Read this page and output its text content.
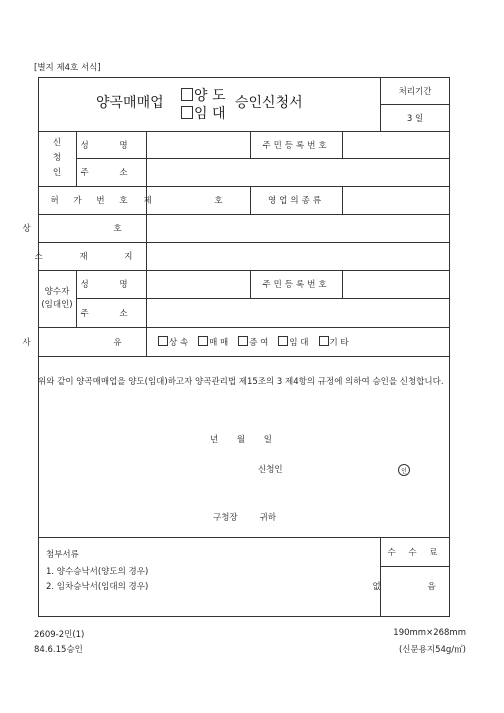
[별지 제4호 서식]
양곡매매업	양 도
임 대
승인신청서
처리기간
3 일
신 청 인
성 명	주민등록번호
주 소
허 가 번 호	제 호	영업의종류
상 호
소 재 지
양수자
(임대인)
성 명	주민등록번호
주 소
사 유 상 속	매 매	증 여	임 대	기 타
위와 같이 양곡매매업을 양도(임대)하고자 양곡관리법 제15조의 3 제4항의 규정에 의하여 승인을 신청합니다.
년 월 일
신청인	인
구청장	귀하
첨부서류
1. 양수승낙서(양도의 경우)
2. 임차승낙서(임대의 경우)
수 수 료
없 음
2609-2민(1)
84.6.15승인
190mm×268mm
(신문용지54g/㎡)
